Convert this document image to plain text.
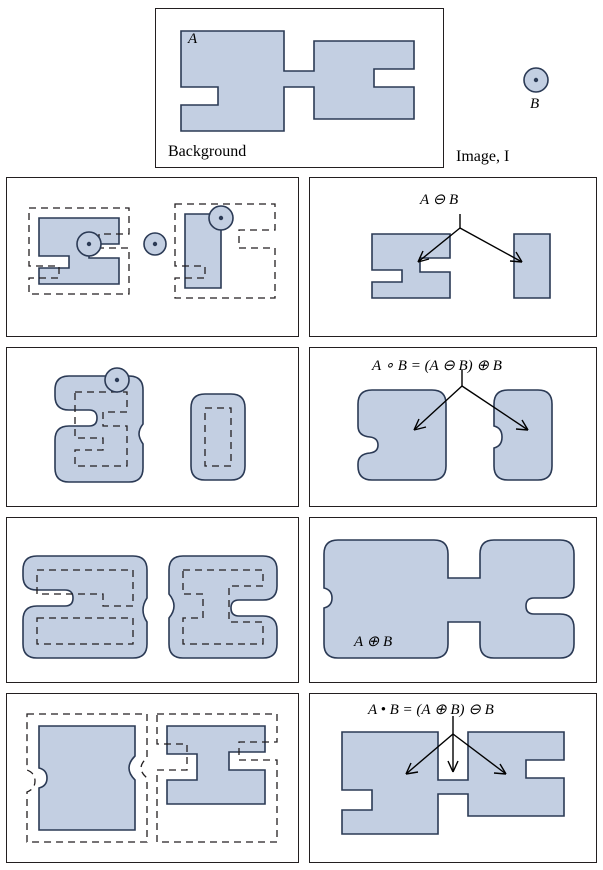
A
Background
B
Image, I
A ⊖ B
A ∘ B = (A ⊖ B) ⊕ B
A ⊕ B
A • B = (A ⊕ B) ⊖ B
